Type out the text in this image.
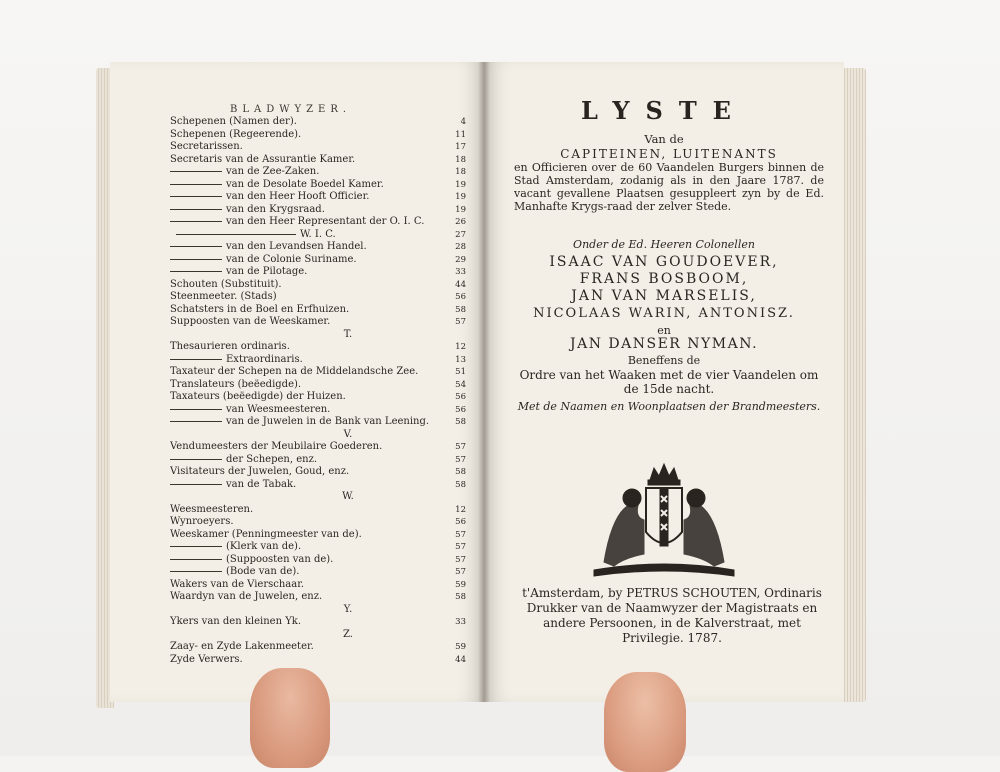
BLADWYZER.
Schepenen (Namen der).	4
Schepenen (Regeerende).	11
Secretarissen.	17
Secretaris van de Assurantie Kamer.	18
van de Zee-Zaken.	18
van de Desolate Boedel Kamer.	19
van den Heer Hooft Officier.	19
van den Krygsraad.	19
van den Heer Representant der O. I. C.	26
W. I. C.	27
van den Levandsen Handel.	28
van de Colonie Suriname.	29
van de Pilotage.	33
Schouten (Substituit).	44
Steenmeeter. (Stads)	56
Schatsters in de Boel en Erfhuizen.	58
Suppoosten van de Weeskamer.	57
T.
Thesaurieren ordinaris.	12
Extraordinaris.	13
Taxateur der Schepen na de Middelandsche Zee.	51
Translateurs (beëedigde).	54
Taxateurs (beëedigde) der Huizen.	56
van Weesmeesteren.	56
van de Juwelen in de Bank van Leening.	58
V.
Vendumeesters der Meubilaire Goederen.	57
der Schepen, enz.	57
Visitateurs der Juwelen, Goud, enz.	58
van de Tabak.	58
W.
Weesmeesteren.	12
Wynroeyers.	56
Weeskamer (Penningmeester van de).	57
(Klerk van de).	57
(Suppoosten van de).	57
(Bode van de).	57
Wakers van de Vierschaar.	59
Waardyn van de Juwelen, enz.	58
Y.
Ykers van den kleinen Yk.	33
Z.
Zaay- en Zyde Lakenmeeter.	59
Zyde Verwers.	44
LYSTE
Van de
CAPITEINEN, LUITENANTS
en Officieren over de 60 Vaandelen Burgers binnen de Stad Amsterdam, zodanig als in den Jaare 1787. de vacant gevallene Plaatsen gesuppleert zyn by de Ed. Manhafte Krygs-raad der zelver Stede.
Onder de Ed. Heeren Colonellen
ISAAC VAN GOUDOEVER,
FRANS BOSBOOM,
JAN VAN MARSELIS,
NICOLAAS WARIN, ANTONISZ.
en
JAN DANSER NYMAN.
Beneffens de
Ordre van het Waaken met de vier Vaandelen om de 15de nacht.
Met de Naamen en Woonplaatsen der Brandmeesters.
t'Amsterdam, by PETRUS SCHOUTEN, Ordinaris Drukker van de Naamwyzer der Magistraats en andere Persoonen, in de Kalverstraat, met Privilegie. 1787.
